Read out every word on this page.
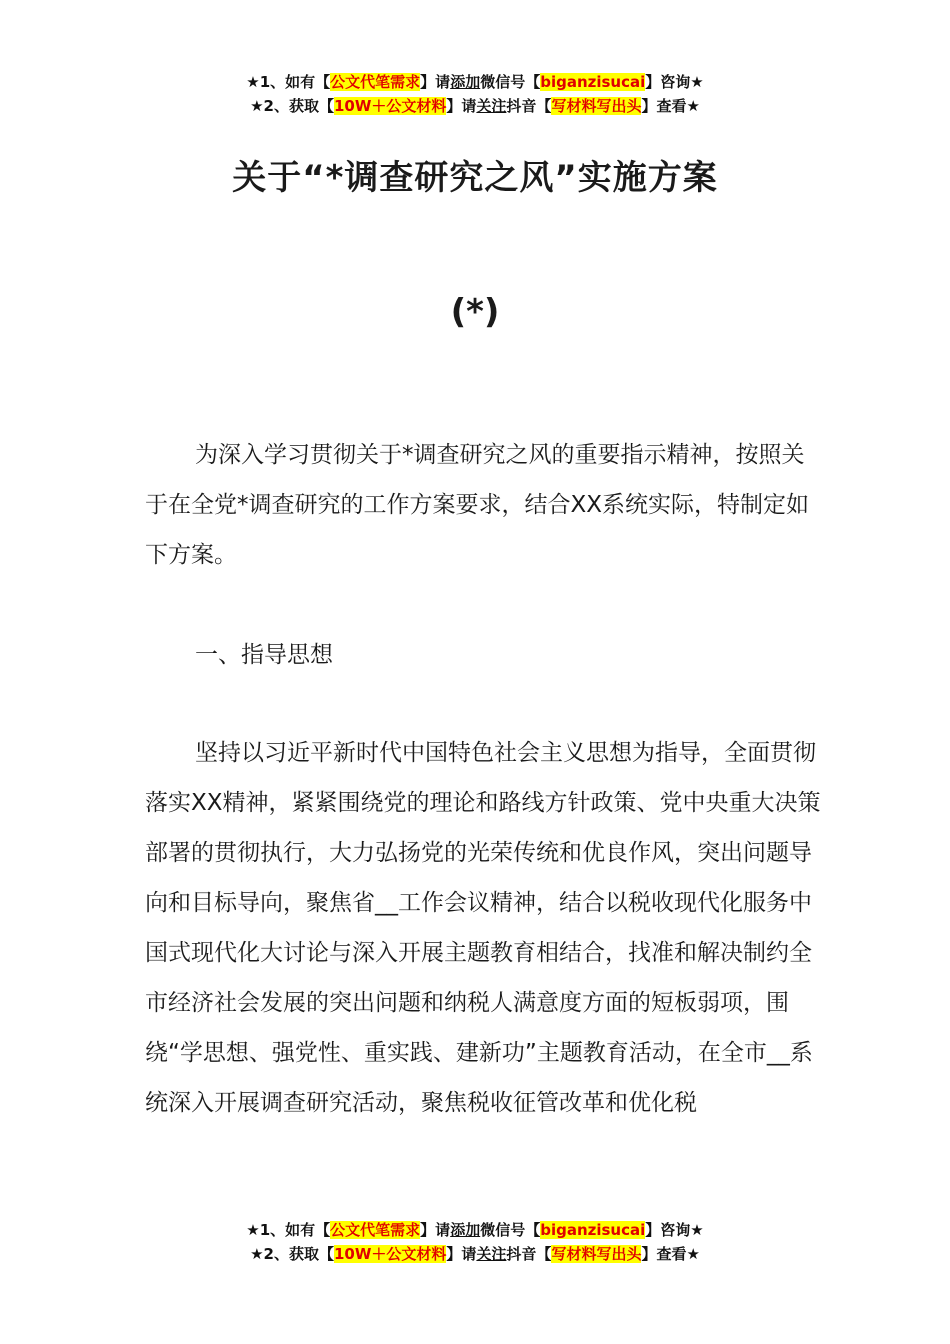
★1、如有【公文代笔需求】请添加微信号【biganzisucai】咨询★
★2、获取【10W＋公文材料】请关注抖音【写材料写出头】查看★
关于“*调查研究之风”实施方案
(*)

为深入学习贯彻关于*调查研究之风的重要指示精神，按照关于在全党*调查研究的工作方案要求，结合XX系统实际，特制定如下方案。

一、指导思想

坚持以习近平新时代中国特色社会主义思想为指导，全面贯彻落实XX精神，紧紧围绕党的理论和路线方针政策、党中央重大决策部署的贯彻执行，大力弘扬党的光荣传统和优良作风，突出问题导向和目标导向，聚焦省__工作会议精神，结合以税收现代化服务中国式现代化大讨论与深入开展主题教育相结合，找准和解决制约全市经济社会发展的突出问题和纳税人满意度方面的短板弱项，围绕“学思想、强党性、重实践、建新功”主题教育活动，在全市__系统深入开展调查研究活动，聚焦税收征管改革和优化税

★1、如有【公文代笔需求】请添加微信号【biganzisucai】咨询★
★2、获取【10W＋公文材料】请关注抖音【写材料写出头】查看★
